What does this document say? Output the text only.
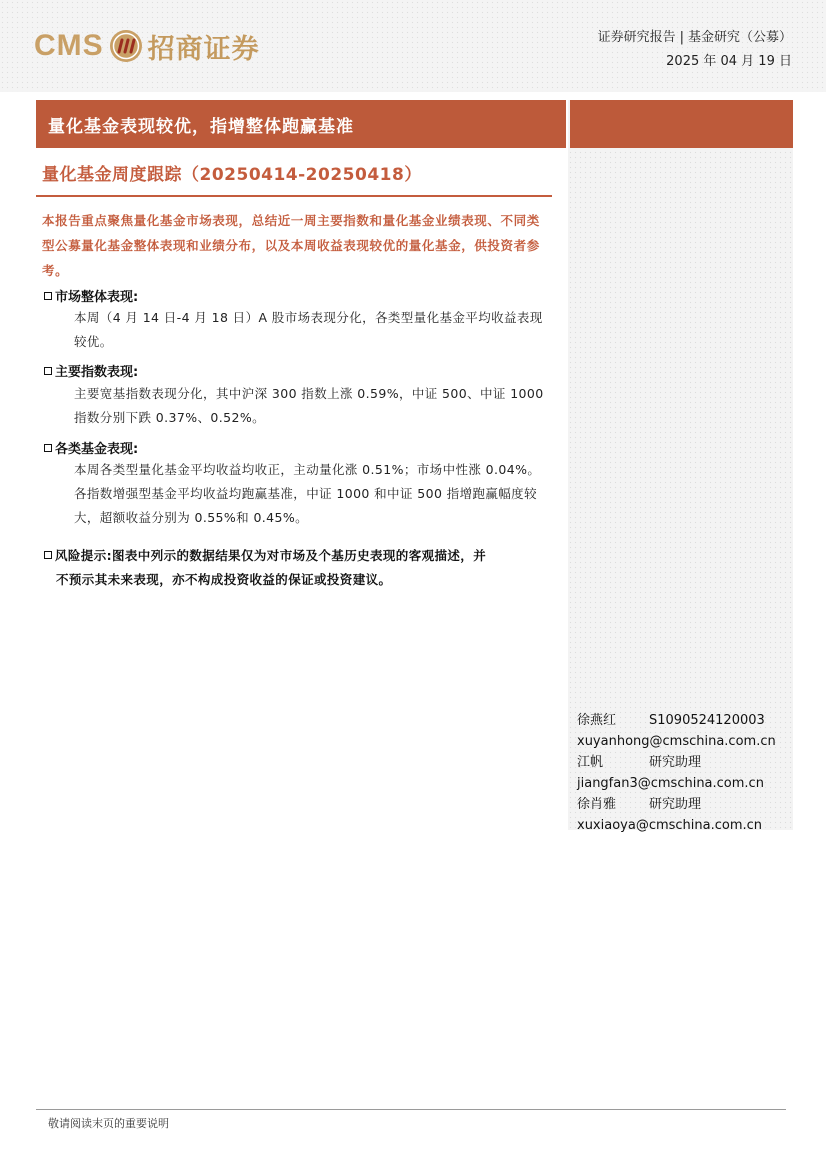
CMS 招商证券	证券研究报告 | 基金研究（公募）
2025 年 04 月 19 日
量化基金表现较优，指增整体跑赢基准
量化基金周度跟踪（20250414-20250418）
本报告重点聚焦量化基金市场表现，总结近一周主要指数和量化基金业绩表现、不同类型公募量化基金整体表现和业绩分布，以及本周收益表现较优的量化基金，供投资者参考。
市场整体表现:
本周（4 月 14 日-4 月 18 日）A 股市场表现分化，各类型量化基金平均收益表现较优。
主要指数表现:
主要宽基指数表现分化，其中沪深 300 指数上涨 0.59%，中证 500、中证 1000 指数分别下跌 0.37%、0.52%。
各类基金表现:
本周各类型量化基金平均收益均收正，主动量化涨 0.51%；市场中性涨 0.04%。各指数增强型基金平均收益均跑赢基准，中证 1000 和中证 500 指增跑赢幅度较大，超额收益分别为 0.55%和 0.45%。
风险提示:图表中列示的数据结果仅为对市场及个基历史表现的客观描述，并
不预示其未来表现，亦不构成投资收益的保证或投资建议。
徐燕红	S1090524120003
xuyanhong@cmschina.com.cn
江帆	研究助理
jiangfan3@cmschina.com.cn
徐肖雅	研究助理
xuxiaoya@cmschina.com.cn
敬请阅读末页的重要说明
